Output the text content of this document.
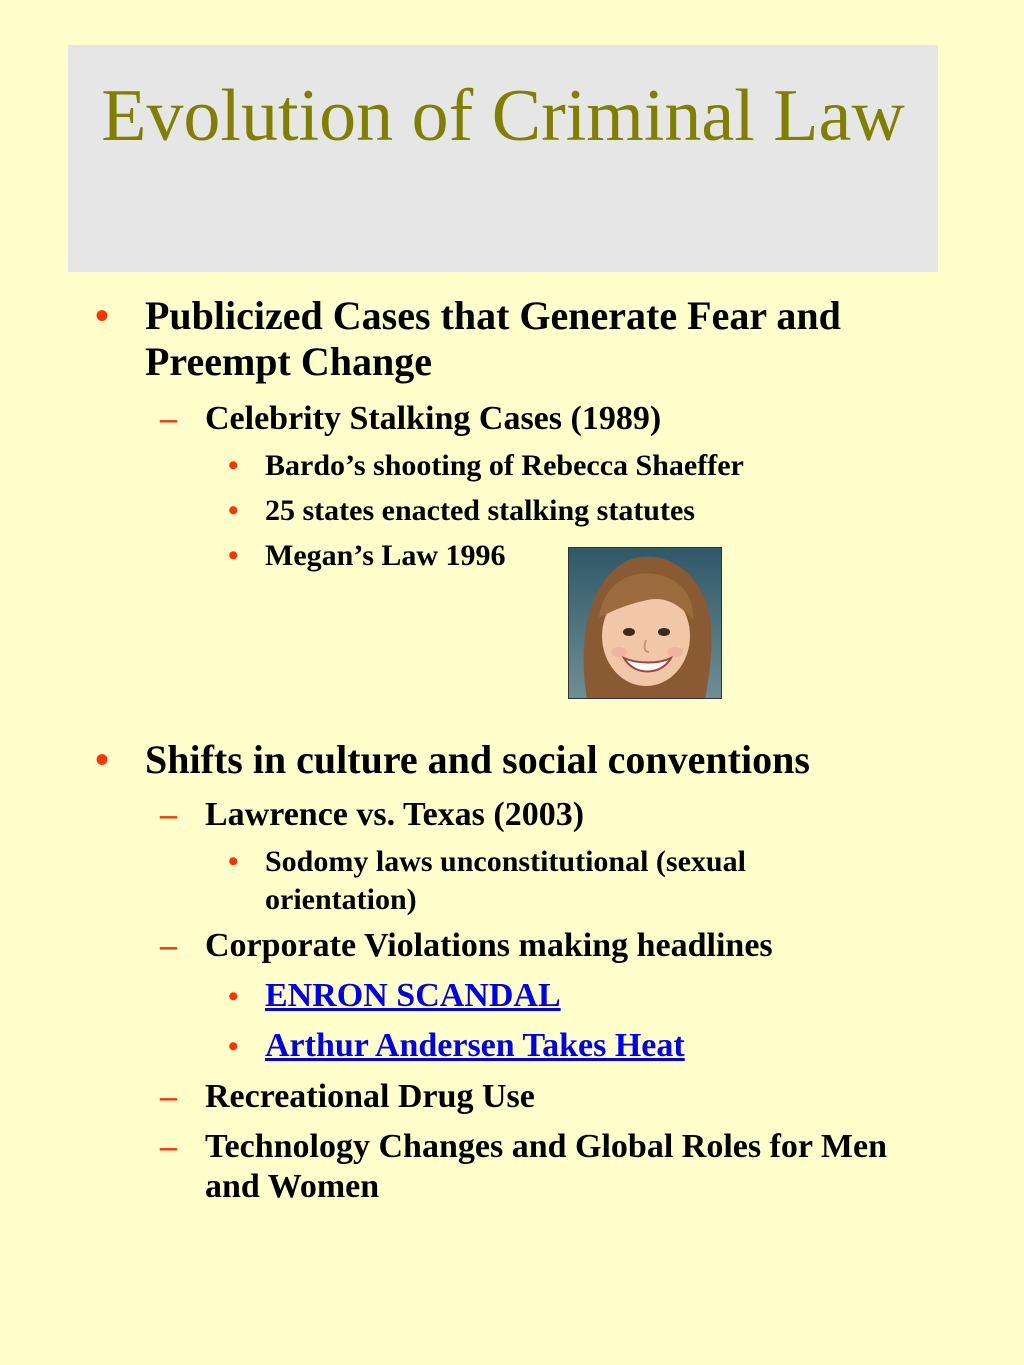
Evolution of Criminal Law
• Publicized Cases that Generate Fear and Preempt Change
– Celebrity Stalking Cases (1989)
• Bardo’s shooting of Rebecca Shaeffer
• 25 states enacted stalking statutes
• Megan’s Law 1996
• Shifts in culture and social conventions
– Lawrence vs. Texas (2003)
• Sodomy laws unconstitutional (sexual orientation)
– Corporate Violations making headlines
• ENRON SCANDAL
• Arthur Andersen Takes Heat
– Recreational Drug Use
– Technology Changes and Global Roles for Men and Women
